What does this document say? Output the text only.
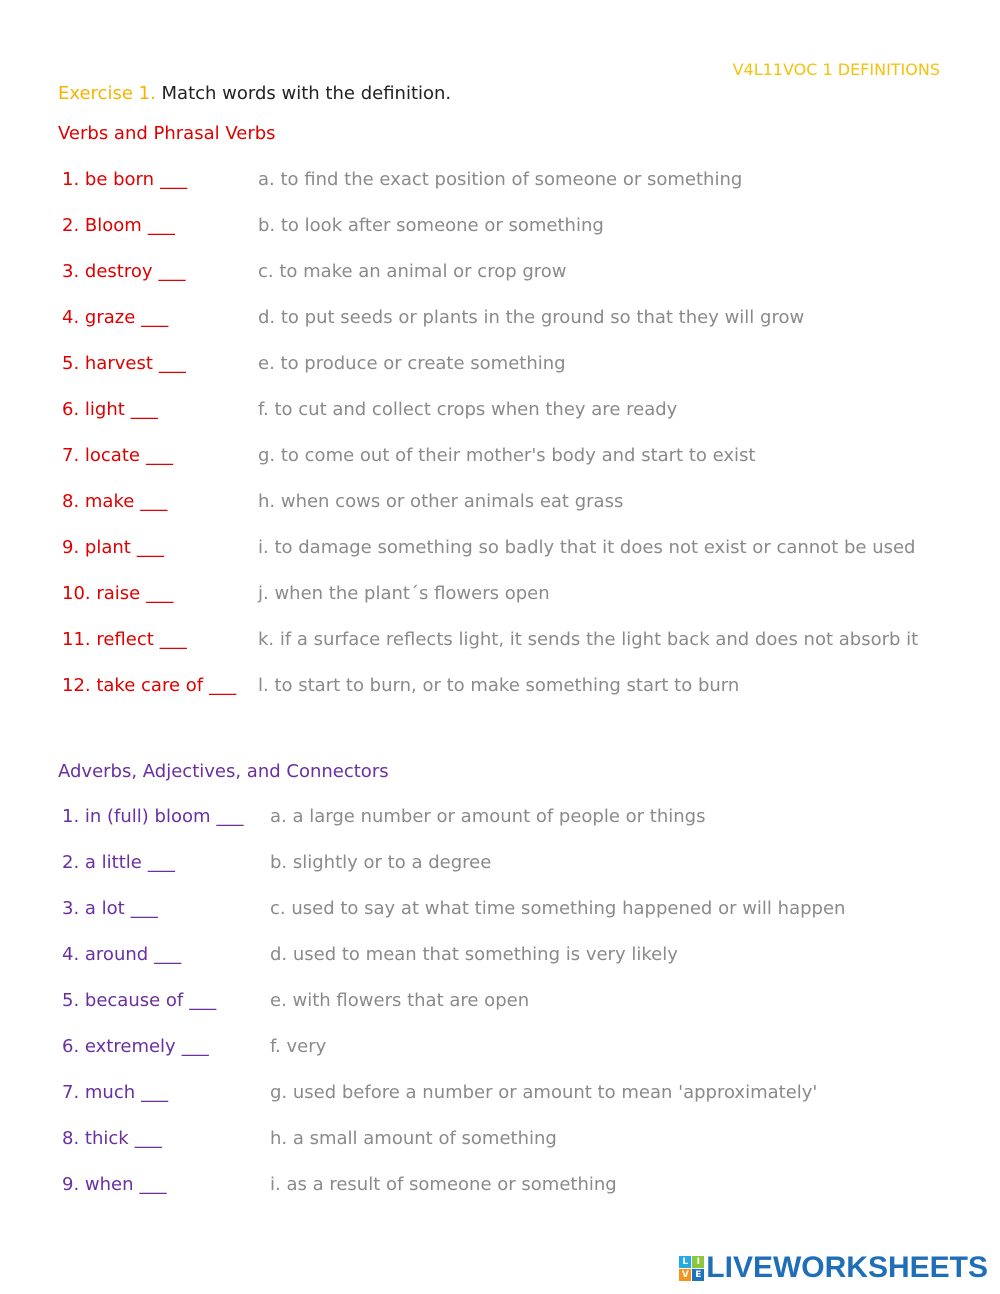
V4L11VOC 1 DEFINITIONS
Exercise 1. Match words with the definition.
Verbs and Phrasal Verbs
1. be born ___	a. to find the exact position of someone or something
2. Bloom ___	b. to look after someone or something
3. destroy ___	c. to make an animal or crop grow
4. graze ___	d. to put seeds or plants in the ground so that they will grow
5. harvest ___	e. to produce or create something
6. light ___	f. to cut and collect crops when they are ready
7. locate ___	g. to come out of their mother's body and start to exist
8. make ___	h. when cows or other animals eat grass
9. plant ___	i. to damage something so badly that it does not exist or cannot be used
10. raise ___	j. when the plant´s flowers open
11. reflect ___	k. if a surface reflects light, it sends the light back and does not absorb it
12. take care of ___	l. to start to burn, or to make something start to burn
Adverbs, Adjectives, and Connectors
1. in (full) bloom ___	a. a large number or amount of people or things
2. a little ___	b. slightly or to a degree
3. a lot ___	c. used to say at what time something happened or will happen
4. around ___	d. used to mean that something is very likely
5. because of ___	e. with flowers that are open
6. extremely ___	f. very
7. much ___	g. used before a number or amount to mean 'approximately'
8. thick ___	h. a small amount of something
9. when ___	i. as a result of someone or something
L I
V E LIVEWORKSHEETS
